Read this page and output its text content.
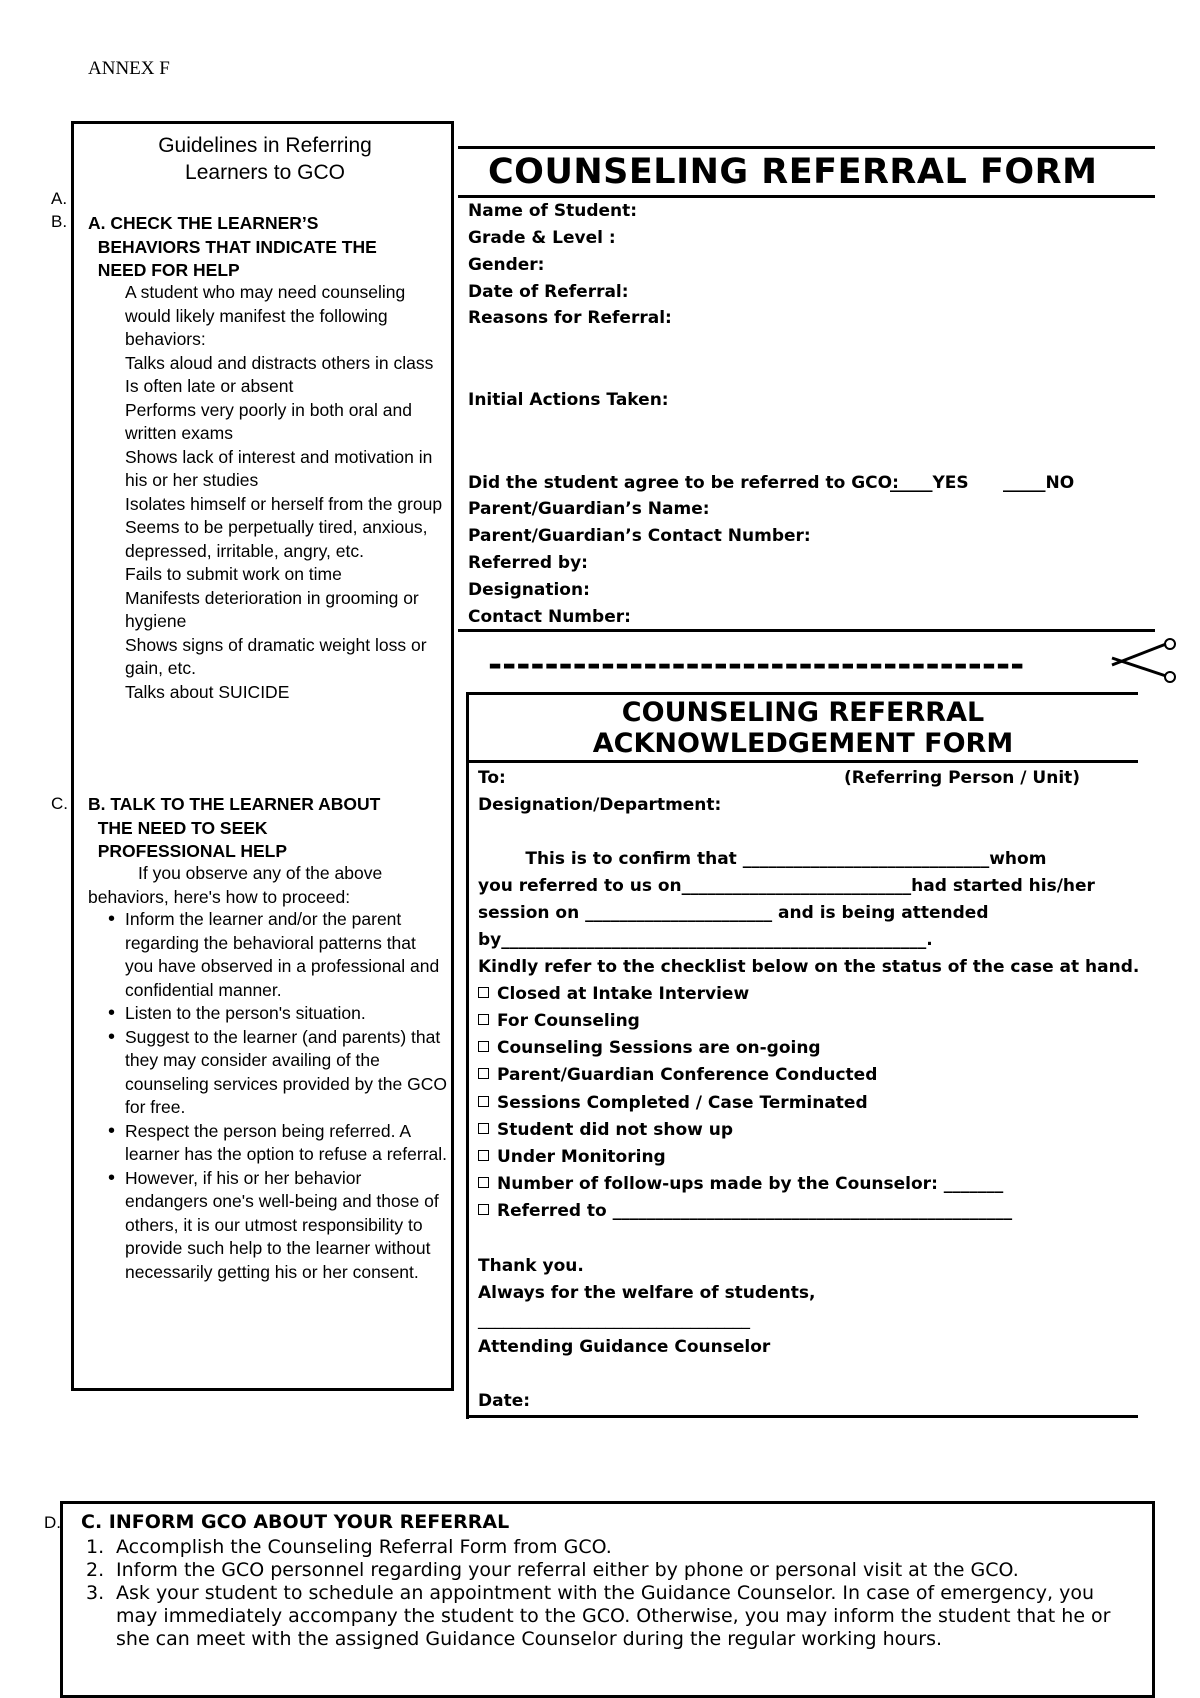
ANNEX F
Guidelines in Referring
Learners to GCO
A.
B.
C.
A. CHECK THE LEARNER’S
BEHAVIORS THAT INDICATE THE
NEED FOR HELP
A student who may need counseling would likely manifest the following behaviors:
Talks aloud and distracts others in class
Is often late or absent
Performs very poorly in both oral and written exams
Shows lack of interest and motivation in his or her studies
Isolates himself or herself from the group
Seems to be perpetually tired, anxious, depressed, irritable, angry, etc.
Fails to submit work on time
Manifests deterioration in grooming or hygiene
Shows signs of dramatic weight loss or gain, etc.
Talks about SUICIDE
B. TALK TO THE LEARNER ABOUT
THE NEED TO SEEK
PROFESSIONAL HELP
If you observe any of the above behaviors, here's how to proceed:
• Inform the learner and/or the parent regarding the behavioral patterns that you have observed in a professional and confidential manner.
• Listen to the person's situation.
• Suggest to the learner (and parents) that they may consider availing of the counseling services provided by the GCO for free.
• Respect the person being referred. A learner has the option to refuse a referral.
• However, if his or her behavior endangers one's well-being and those of others, it is our utmost responsibility to provide such help to the learner without necessarily getting his or her consent.
COUNSELING REFERRAL FORM
Name of Student:
Grade & Level :
Gender:
Date of Referral:
Reasons for Referral:
Initial Actions Taken:
Did the student agree to be referred to GCO:
_____YES _____NO
Parent/Guardian’s Name:
Parent/Guardian’s Contact Number:
Referred by:
Designation:
Contact Number:
--------------------------------------
COUNSELING REFERRAL
ACKNOWLEDGEMENT FORM
To:	(Referring Person / Unit)
Designation/Department:
This is to confirm that _____________________________whom
you referred to us on___________________________had started his/her
session on ______________________ and is being attended
by__________________________________________________.
Kindly refer to the checklist below on the status of the case at hand.
Closed at Intake Interview
For Counseling
Counseling Sessions are on-going
Parent/Guardian Conference Conducted
Sessions Completed / Case Terminated
Student did not show up
Under Monitoring
Number of follow-ups made by the Counselor: _______
Referred to _______________________________________________
Thank you.
Always for the welfare of students,
________________________________
Attending Guidance Counselor
Date:
D. C. INFORM GCO ABOUT YOUR REFERRAL
1. Accomplish the Counseling Referral Form from GCO.
2. Inform the GCO personnel regarding your referral either by phone or personal visit at the GCO.
3. Ask your student to schedule an appointment with the Guidance Counselor. In case of emergency, you may immediately accompany the student to the GCO. Otherwise, you may inform the student that he or she can meet with the assigned Guidance Counselor during the regular working hours.
